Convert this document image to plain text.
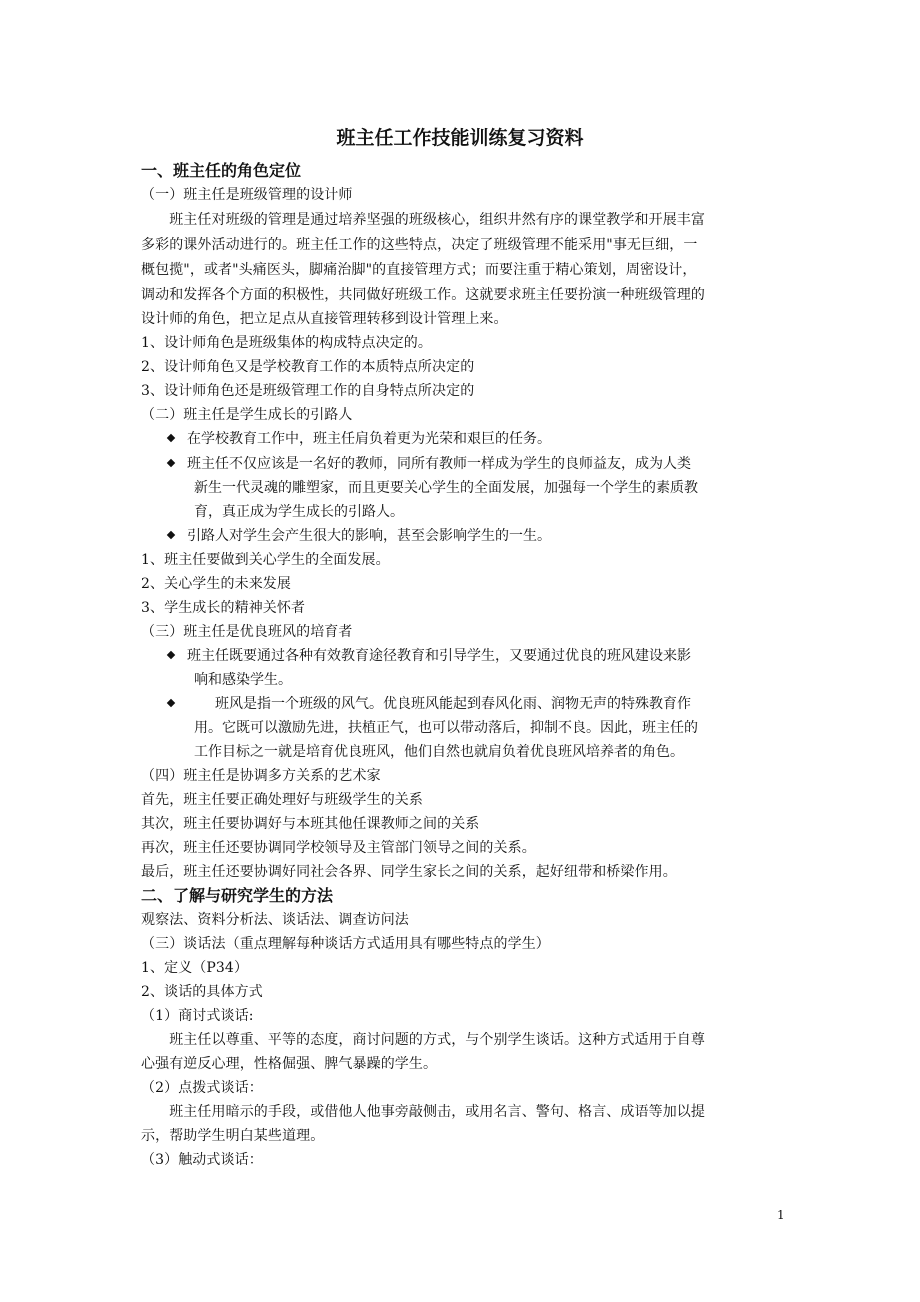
班主任工作技能训练复习资料
一、班主任的角色定位
（一）班主任是班级管理的设计师
　　班主任对班级的管理是通过培养坚强的班级核心，组织井然有序的课堂教学和开展丰富
多彩的课外活动进行的。班主任工作的这些特点，决定了班级管理不能采用"事无巨细，一
概包揽"，或者"头痛医头，脚痛治脚"的直接管理方式；而要注重于精心策划，周密设计，
调动和发挥各个方面的积极性，共同做好班级工作。这就要求班主任要扮演一种班级管理的
设计师的角色，把立足点从直接管理转移到设计管理上来。
1、设计师角色是班级集体的构成特点决定的。
2、设计师角色又是学校教育工作的本质特点所决定的
3、设计师角色还是班级管理工作的自身特点所决定的
（二）班主任是学生成长的引路人
在学校教育工作中，班主任肩负着更为光荣和艰巨的任务。
班主任不仅应该是一名好的教师，同所有教师一样成为学生的良师益友，成为人类
新生一代灵魂的雕塑家，而且更要关心学生的全面发展，加强每一个学生的素质教
育，真正成为学生成长的引路人。
引路人对学生会产生很大的影响，甚至会影响学生的一生。
1、班主任要做到关心学生的全面发展。
2、关心学生的未来发展
3、学生成长的精神关怀者
（三）班主任是优良班风的培育者
班主任既要通过各种有效教育途径教育和引导学生，又要通过优良的班风建设来影
响和感染学生。
　　班风是指一个班级的风气。优良班风能起到春风化雨、润物无声的特殊教育作
用。它既可以激励先进，扶植正气，也可以带动落后，抑制不良。因此，班主任的
工作目标之一就是培育优良班风，他们自然也就肩负着优良班风培养者的角色。
（四）班主任是协调多方关系的艺术家
首先，班主任要正确处理好与班级学生的关系
其次，班主任要协调好与本班其他任课教师之间的关系
再次，班主任还要协调同学校领导及主管部门领导之间的关系。
最后，班主任还要协调好同社会各界、同学生家长之间的关系，起好纽带和桥梁作用。
二、了解与研究学生的方法
观察法、资料分析法、谈话法、调查访问法
（三）谈话法（重点理解每种谈话方式适用具有哪些特点的学生）
1、定义（P34）
2、谈话的具体方式
（1）商讨式谈话:
　　班主任以尊重、平等的态度，商讨问题的方式，与个别学生谈话。这种方式适用于自尊
心强有逆反心理，性格倔强、脾气暴躁的学生。
（2）点拨式谈话：
　　班主任用暗示的手段，或借他人他事旁敲侧击，或用名言、警句、格言、成语等加以提
示，帮助学生明白某些道理。
（3）触动式谈话：
1
